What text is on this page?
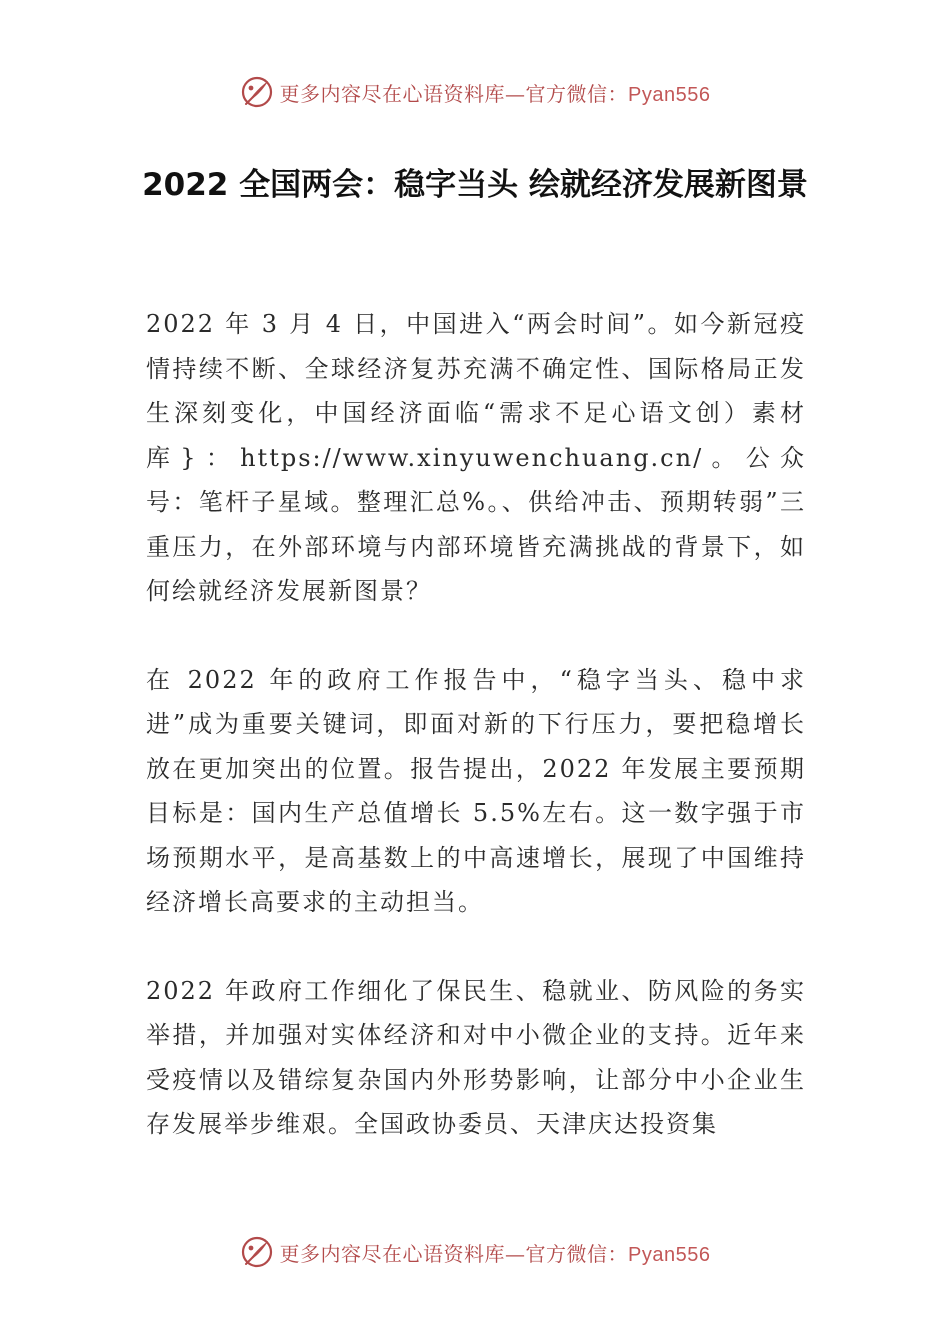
更多内容尽在心语资料库—官方微信：Pyan556
2022 全国两会：稳字当头 绘就经济发展新图景

2022 年 3 月 4 日，中国进入“两会时间”。如今新冠疫情持续不断、全球经济复苏充满不确定性、国际格局正发生深刻变化，中国经济面临“需求不足心语文创）素材库}：https://www.xinyuwenchuang.cn/。公众号：笔杆子星域。整理汇总%。、供给冲击、预期转弱”三重压力，在外部环境与内部环境皆充满挑战的背景下，如何绘就经济发展新图景？

在 2022 年的政府工作报告中，“稳字当头、稳中求进”成为重要关键词，即面对新的下行压力，要把稳增长放在更加突出的位置。报告提出，2022 年发展主要预期目标是：国内生产总值增长 5.5%左右。这一数字强于市场预期水平，是高基数上的中高速增长，展现了中国维持经济增长高要求的主动担当。

2022 年政府工作细化了保民生、稳就业、防风险的务实举措，并加强对实体经济和对中小微企业的支持。近年来受疫情以及错综复杂国内外形势影响，让部分中小企业生存发展举步维艰。全国政协委员、天津庆达投资集

更多内容尽在心语资料库—官方微信：Pyan556
